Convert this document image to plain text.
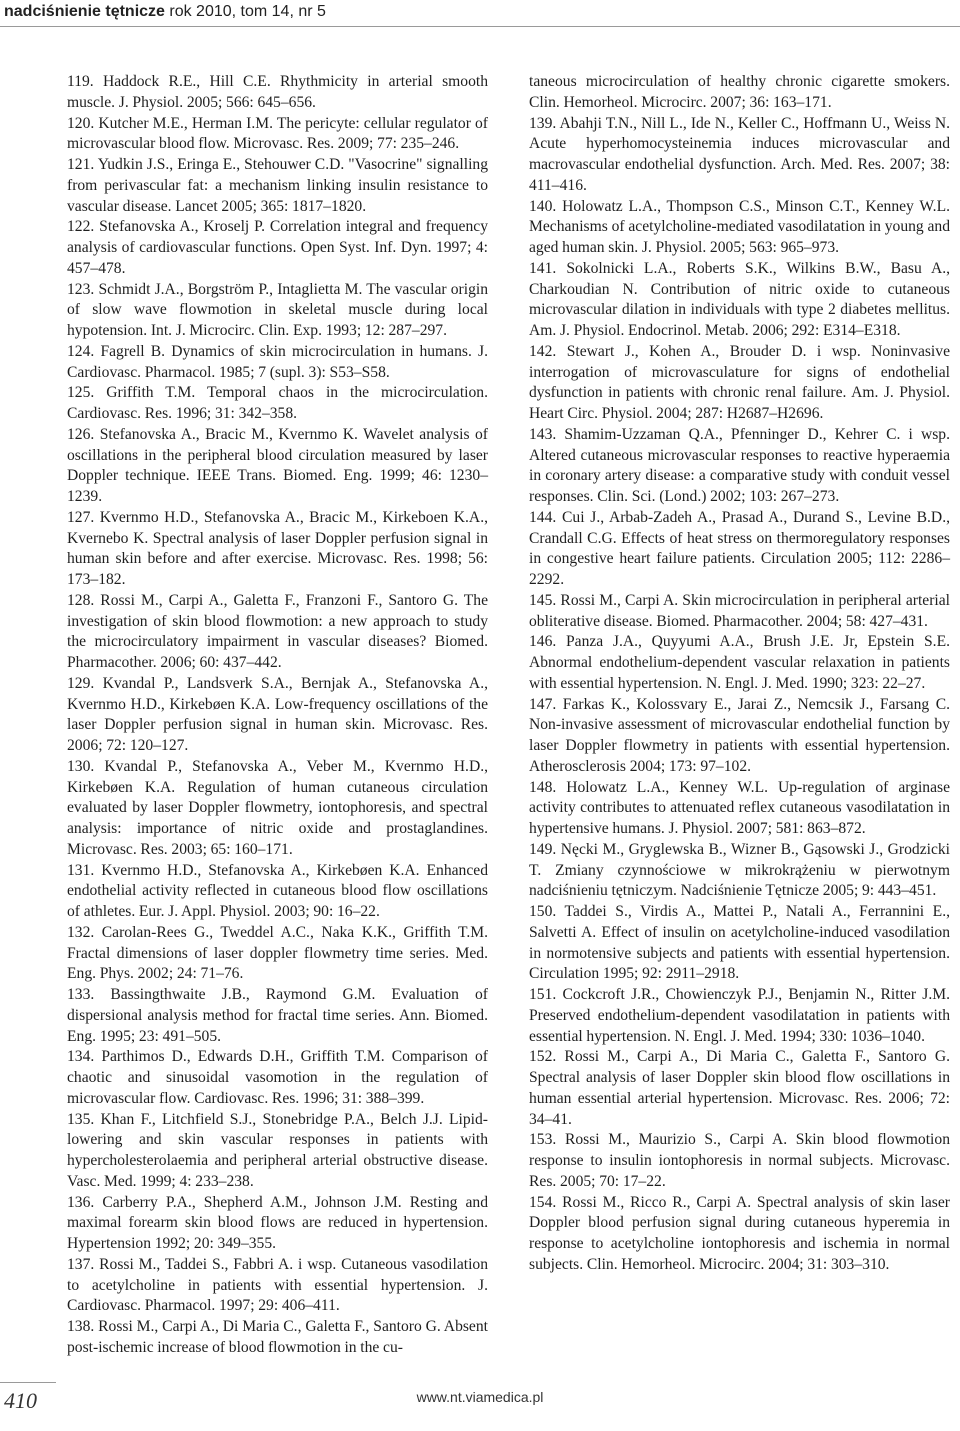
nadciśnienie tętnicze rok 2010, tom 14, nr 5

119. Haddock R.E., Hill C.E. Rhythmicity in arterial smooth muscle. J. Physiol. 2005; 566: 645–656.

120. Kutcher M.E., Herman I.M. The pericyte: cellular regulator of microvascular blood flow. Microvasc. Res. 2009; 77: 235–246.

121. Yudkin J.S., Eringa E., Stehouwer C.D. "Vasocrine" signalling from perivascular fat: a mechanism linking insulin resistance to vascular disease. Lancet 2005; 365: 1817–1820.

122. Stefanovska A., Kroselj P. Correlation integral and frequency analysis of cardiovascular functions. Open Syst. Inf. Dyn. 1997; 4: 457–478.

123. Schmidt J.A., Borgström P., Intaglietta M. The vascular origin of slow wave flowmotion in skeletal muscle during local hypotension. Int. J. Microcirc. Clin. Exp. 1993; 12: 287–297.

124. Fagrell B. Dynamics of skin microcirculation in humans. J. Cardiovasc. Pharmacol. 1985; 7 (supl. 3): S53–S58.

125. Griffith T.M. Temporal chaos in the microcirculation. Cardiovasc. Res. 1996; 31: 342–358.

126. Stefanovska A., Bracic M., Kvernmo K. Wavelet analysis of oscillations in the peripheral blood circulation measured by laser Doppler technique. IEEE Trans. Biomed. Eng. 1999; 46: 1230–1239.

127. Kvernmo H.D., Stefanovska A., Bracic M., Kirkeboen K.A., Kvernebo K. Spectral analysis of laser Doppler perfusion signal in human skin before and after exercise. Microvasc. Res. 1998; 56: 173–182.

128. Rossi M., Carpi A., Galetta F., Franzoni F., Santoro G. The investigation of skin blood flowmotion: a new approach to study the microcirculatory impairment in vascular diseases? Biomed. Pharmacother. 2006; 60: 437–442.

129. Kvandal P., Landsverk S.A., Bernjak A., Stefanovska A., Kvernmo H.D., Kirkebøen K.A. Low-frequency oscillations of the laser Doppler perfusion signal in human skin. Microvasc. Res. 2006; 72: 120–127.

130. Kvandal P., Stefanovska A., Veber M., Kvernmo H.D., Kirkebøen K.A. Regulation of human cutaneous circulation evaluated by laser Doppler flowmetry, iontophoresis, and spectral analysis: importance of nitric oxide and prostaglandines. Microvasc. Res. 2003; 65: 160–171.

131. Kvernmo H.D., Stefanovska A., Kirkebøen K.A. Enhanced endothelial activity reflected in cutaneous blood flow oscillations of athletes. Eur. J. Appl. Physiol. 2003; 90: 16–22.

132. Carolan-Rees G., Tweddel A.C., Naka K.K., Griffith T.M. Fractal dimensions of laser doppler flowmetry time series. Med. Eng. Phys. 2002; 24: 71–76.

133. Bassingthwaite J.B., Raymond G.M. Evaluation of dispersional analysis method for fractal time series. Ann. Biomed. Eng. 1995; 23: 491–505.

134. Parthimos D., Edwards D.H., Griffith T.M. Comparison of chaotic and sinusoidal vasomotion in the regulation of microvascular flow. Cardiovasc. Res. 1996; 31: 388–399.

135. Khan F., Litchfield S.J., Stonebridge P.A., Belch J.J. Lipid-lowering and skin vascular responses in patients with hypercholesterolaemia and peripheral arterial obstructive disease. Vasc. Med. 1999; 4: 233–238.

136. Carberry P.A., Shepherd A.M., Johnson J.M. Resting and maximal forearm skin blood flows are reduced in hypertension. Hypertension 1992; 20: 349–355.

137. Rossi M., Taddei S., Fabbri A. i wsp. Cutaneous vasodilation to acetylcholine in patients with essential hypertension. J. Cardiovasc. Pharmacol. 1997; 29: 406–411.

138. Rossi M., Carpi A., Di Maria C., Galetta F., Santoro G. Absent post-ischemic increase of blood flowmotion in the cu-

taneous microcirculation of healthy chronic cigarette smokers. Clin. Hemorheol. Microcirc. 2007; 36: 163–171.

139. Abahji T.N., Nill L., Ide N., Keller C., Hoffmann U., Weiss N. Acute hyperhomocysteinemia induces microvascular and macrovascular endothelial dysfunction. Arch. Med. Res. 2007; 38: 411–416.

140. Holowatz L.A., Thompson C.S., Minson C.T., Kenney W.L. Mechanisms of acetylcholine-mediated vasodilatation in young and aged human skin. J. Physiol. 2005; 563: 965–973.

141. Sokolnicki L.A., Roberts S.K., Wilkins B.W., Basu A., Charkoudian N. Contribution of nitric oxide to cutaneous microvascular dilation in individuals with type 2 diabetes mellitus. Am. J. Physiol. Endocrinol. Metab. 2006; 292: E314–E318.

142. Stewart J., Kohen A., Brouder D. i wsp. Noninvasive interrogation of microvasculature for signs of endothelial dysfunction in patients with chronic renal failure. Am. J. Physiol. Heart Circ. Physiol. 2004; 287: H2687–H2696.

143. Shamim-Uzzaman Q.A., Pfenninger D., Kehrer C. i wsp. Altered cutaneous microvascular responses to reactive hyperaemia in coronary artery disease: a comparative study with conduit vessel responses. Clin. Sci. (Lond.) 2002; 103: 267–273.

144. Cui J., Arbab-Zadeh A., Prasad A., Durand S., Levine B.D., Crandall C.G. Effects of heat stress on thermoregulatory responses in congestive heart failure patients. Circulation 2005; 112: 2286–2292.

145. Rossi M., Carpi A. Skin microcirculation in peripheral arterial obliterative disease. Biomed. Pharmacother. 2004; 58: 427–431.

146. Panza J.A., Quyyumi A.A., Brush J.E. Jr, Epstein S.E. Abnormal endothelium-dependent vascular relaxation in patients with essential hypertension. N. Engl. J. Med. 1990; 323: 22–27.

147. Farkas K., Kolossvary E., Jarai Z., Nemcsik J., Farsang C. Non-invasive assessment of microvascular endothelial function by laser Doppler flowmetry in patients with essential hypertension. Atherosclerosis 2004; 173: 97–102.

148. Holowatz L.A., Kenney W.L. Up-regulation of arginase activity contributes to attenuated reflex cutaneous vasodilatation in hypertensive humans. J. Physiol. 2007; 581: 863–872.

149. Nęcki M., Gryglewska B., Wizner B., Gąsowski J., Grodzicki T. Zmiany czynnościowe w mikrokrążeniu w pierwotnym nadciśnieniu tętniczym. Nadciśnienie Tętnicze 2005; 9: 443–451.

150. Taddei S., Virdis A., Mattei P., Natali A., Ferrannini E., Salvetti A. Effect of insulin on acetylcholine-induced vasodilation in normotensive subjects and patients with essential hypertension. Circulation 1995; 92: 2911–2918.

151. Cockcroft J.R., Chowienczyk P.J., Benjamin N., Ritter J.M. Preserved endothelium-dependent vasodilatation in patients with essential hypertension. N. Engl. J. Med. 1994; 330: 1036–1040.

152. Rossi M., Carpi A., Di Maria C., Galetta F., Santoro G. Spectral analysis of laser Doppler skin blood flow oscillations in human essential arterial hypertension. Microvasc. Res. 2006; 72: 34–41.

153. Rossi M., Maurizio S., Carpi A. Skin blood flowmotion response to insulin iontophoresis in normal subjects. Microvasc. Res. 2005; 70: 17–22.

154. Rossi M., Ricco R., Carpi A. Spectral analysis of skin laser Doppler blood perfusion signal during cutaneous hyperemia in response to acetylcholine iontophoresis and ischemia in normal subjects. Clin. Hemorheol. Microcirc. 2004; 31: 303–310.

410	www.nt.viamedica.pl
